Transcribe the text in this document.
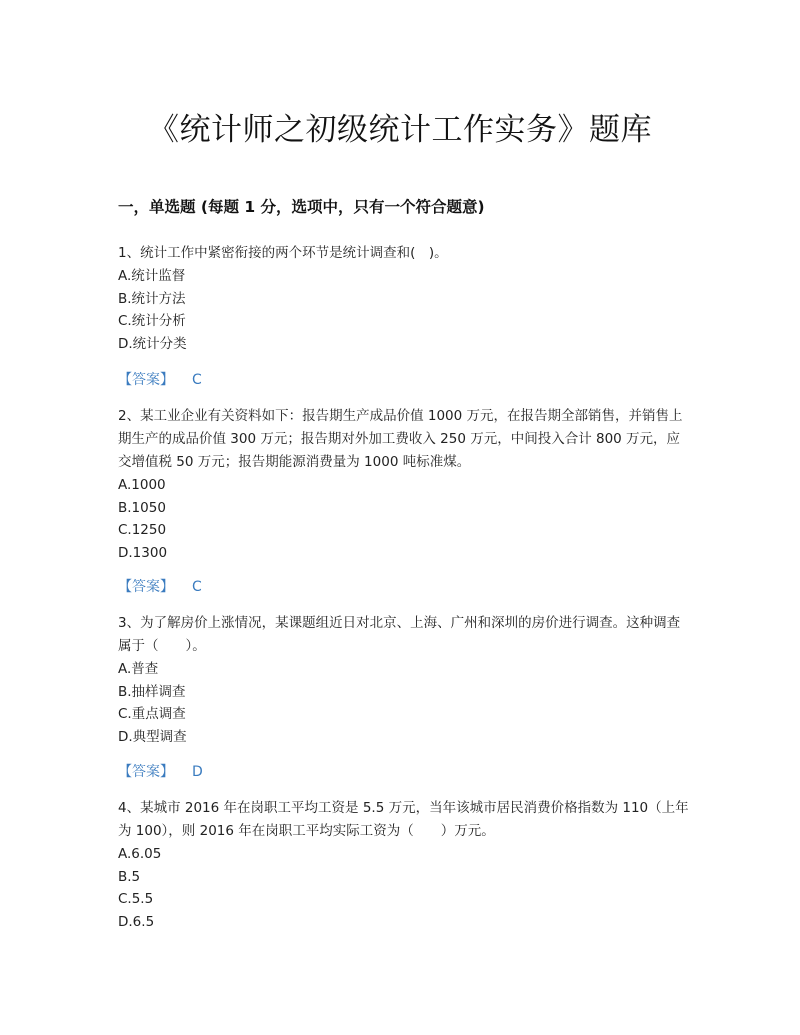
《统计师之初级统计工作实务》题库
一，单选题 (每题 1 分，选项中，只有一个符合题意)

1、统计工作中紧密衔接的两个环节是统计调查和(　)。

A.统计监督

B.统计方法

C.统计分析

D.统计分类

【答案】 C

2、某工业企业有关资料如下：报告期生产成品价值 1000 万元，在报告期全部销售，并销售上期生产的成品价值 300 万元；报告期对外加工费收入 250 万元，中间投入合计 800 万元，应交增值税 50 万元；报告期能源消费量为 1000 吨标准煤。

A.1000

B.1050

C.1250

D.1300

【答案】 C

3、为了解房价上涨情况，某课题组近日对北京、上海、广州和深圳的房价进行调查。这种调查属于（　　）。

A.普查

B.抽样调查

C.重点调查

D.典型调查

【答案】 D

4、某城市 2016 年在岗职工平均工资是 5.5 万元，当年该城市居民消费价格指数为 110（上年为 100），则 2016 年在岗职工平均实际工资为（　　）万元。

A.6.05

B.5

C.5.5

D.6.5
